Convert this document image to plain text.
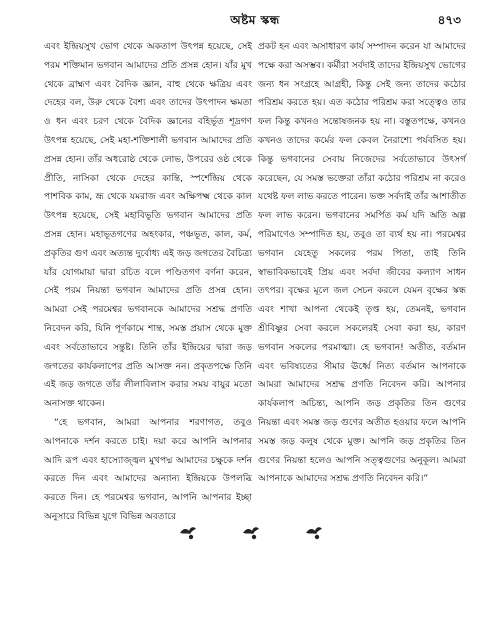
অষ্টম স্কন্ধ	৪৭৩

এবং ইন্দ্রিয়সুখ ভোগ থেকে অকতাপ উৎপন্ন হয়েছে, সেই পরম শক্তিমান ভগবান আমাদের প্রতি প্রসন্ন হোন। যাঁর মুখ থেকে ব্রাহ্মণ এবং বৈদিক জ্ঞান, বাহু থেকে ক্ষত্রিয় এবং দেহের বল, উরু থেকে বৈশ্য এবং তাদের উৎপাদন ক্ষমতা ও ধন এবং চরণ থেকে বৈদিক জ্ঞানের বহির্ভূত শূদ্রগণ উৎপন্ন হয়েছে, সেই মহা-শক্তিশালী ভগবান আমাদের প্রতি প্রসন্ন হোন। তাঁর অধরোষ্ঠ থেকে লোভ, উপরের ওষ্ঠ থেকে প্রীতি, নাসিকা থেকে দেহের কান্তি, স্পর্শেন্দ্রিয় থেকে পাশবিক কাম, ভ্রূ থেকে যমরাজ এবং অক্ষিপক্ষ্ম থেকে কাল উৎপন্ন হয়েছে, সেই মহাবিভূতি ভগবান আমাদের প্রতি প্রসন্ন হোন। মহাভূতগণের অহংকার, পঞ্চভূত, কাল, কর্ম, প্রকৃতির গুণ এবং অত্যন্ত দুর্বোধ্য এই জড় জগতের বৈচিত্র্য যাঁর যোগমায়া দ্বারা রচিত বলে পণ্ডিতগণ বর্ণনা করেন, সেই পরম নিয়ন্তা ভগবান আমাদের প্রতি প্রসন্ন হোন। আমরা সেই পরমেশ্বর ভগবানকে আমাদের সশ্রদ্ধ প্রণতি নিবেদন করি, যিনি পূর্ণকামে শান্ত, সমস্ত প্রয়াস থেকে মুক্ত এবং সর্বতোভাবে সন্তুষ্ট। তিনি তাঁর ইন্দ্রিয়ের দ্বারা জড় জগতের কার্যকলাপের প্রতি আসক্ত নন। প্রকৃতপক্ষে তিনি এই জড় জগতে তাঁর লীলাবিলাস করার সময় বায়ুর মতো অনাসক্ত থাকেন।

“হে ভগবান, আমরা আপনার শরণাগত, তবুও আপনাকে দর্শন করতে চাই। দয়া করে আপনি আপনার আদি রূপ এবং হাস্যোজ্জ্বল মুখপদ্ম আমাদের চক্ষুকে দর্শন করতে দিন এবং আমাদের অন্যান্য ইন্দ্রিয়কে উপলব্ধি করতে দিন। হে পরমেশ্বর ভগবান, আপনি আপনার ইচ্ছা অনুসারে বিভিন্ন যুগে বিভিন্ন অবতারে

প্রকট হন এবং অসাধারণ কার্য সম্পাদন করেন যা আমাদের পক্ষে করা অসম্ভব। কর্মীরা সর্বদাই তাদের ইন্দ্রিয়সুখ ভোগের জন্য ধন সংগ্রহে আগ্রহী, কিন্তু সেই জন্য তাদের কঠোর পরিশ্রম করতে হয়। এত কঠোর পরিশ্রম করা সত্ত্বেও তার ফল কিন্তু কখনও সন্তোষজনক হয় না। বস্তুতপক্ষে, কখনও কখনও তাদের কর্মের ফল কেবল নৈরাশ্যে পর্যবসিত হয়। কিন্তু ভগবানের সেবায় নিজেদের সর্বতোভাবে উৎসর্গ করেছেন, যে সমস্ত ভক্তেরা তাঁরা কঠোর পরিশ্রম না করেও যথেষ্ট ফল লাভ করতে পারেন। ভক্ত সর্বদাই তাঁর আশাতীত ফল লাভ করেন। ভগবানের সমর্পিত কর্ম যদি অতি অল্প পরিমাণেও সম্পাদিত হয়, তবুও তা ব্যর্থ হয় না। পরমেশ্বর ভগবান যেহেতু সকলের পরম পিতা, তাই তিনি স্বাভাবিকভাবেই প্রিয় এবং সর্বদা জীবের কল্যাণ সাধন তৎপর। বৃক্ষের মূলে জল সেচন করলে যেমন বৃক্ষের স্কন্ধ এবং শাখা আপনা থেকেই তৃপ্ত হয়, তেমনই, ভগবান শ্রীবিষ্ণুর সেবা করলে সকলেরই সেবা করা হয়, কারণ ভগবান সকলের পরমাত্মা। হে ভগবান! অতীত, বর্তমান এবং ভবিষ্যতের সীমার ঊর্ধ্বে নিত্য বর্তমান আপনাকে আমরা আমাদের সশ্রদ্ধ প্রণতি নিবেদন করি। আপনার কার্যকলাপ অচিন্ত্য, আপনি জড় প্রকৃতির তিন গুণের নিয়ন্তা এবং সমস্ত জড় গুণের অতীত হওয়ার ফলে আপনি সমস্ত জড় কলুষ থেকে মুক্ত। আপনি জড় প্রকৃতির তিন গুণের নিয়ন্তা হলেও আপনি সত্ত্বগুণের অনুকূল। আমরা আপনাকে আমাদের সশ্রদ্ধ প্রণতি নিবেদন করি।”
